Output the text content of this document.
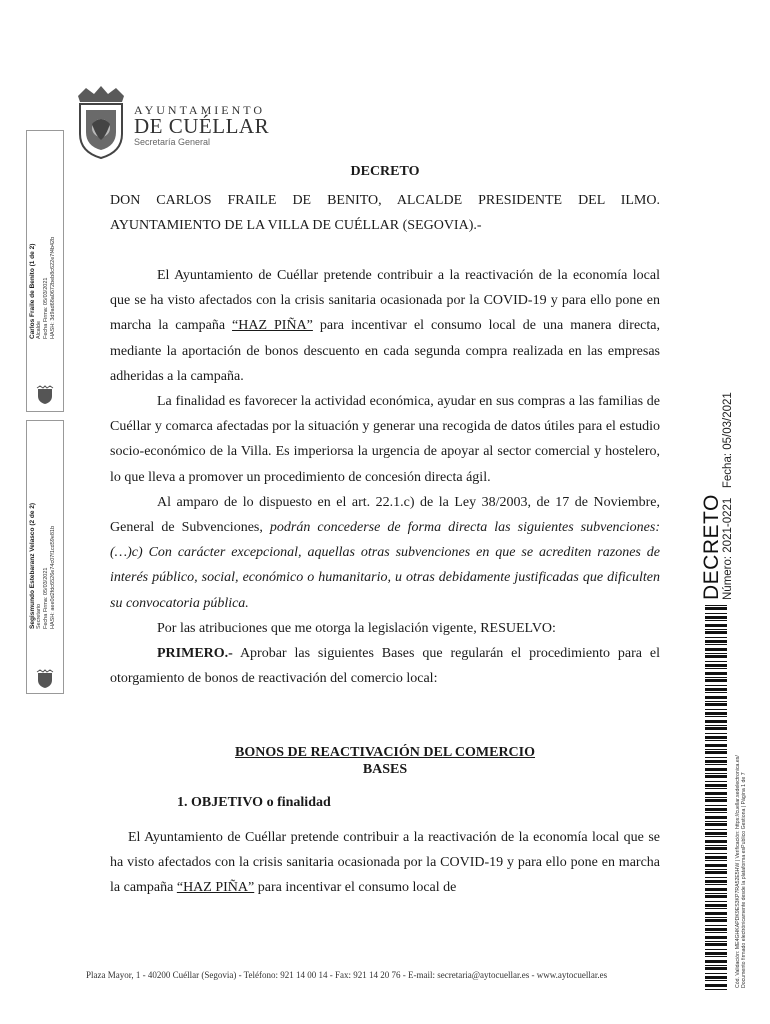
AYUNTAMIENTO
DE CUÉLLAR
Secretaría General
Carlos Fraile de Benito (1 de 2) Alcalde Fecha Firma: 05/03/2021 HASH: 3d9ad68a0672beb8c622e7f4b42b
Segismundo Estebaranz Velasco (2 de 2) Secretario Fecha Firma: 05/03/2021 HASH: aee0d2fdc6526e74c07f1cd59e81b
DECRETO

DON CARLOS FRAILE DE BENITO, ALCALDE PRESIDENTE DEL ILMO. AYUNTAMIENTO DE LA VILLA DE CUÉLLAR (SEGOVIA).-

El Ayuntamiento de Cuéllar pretende contribuir a la reactivación de la economía local que se ha visto afectados con la crisis sanitaria ocasionada por la COVID-19 y para ello pone en marcha la campaña “HAZ PIÑA” para incentivar el consumo local de una manera directa, mediante la aportación de bonos descuento en cada segunda compra realizada en las empresas adheridas a la campaña.

La finalidad es favorecer la actividad económica, ayudar en sus compras a las familias de Cuéllar y comarca afectadas por la situación y generar una recogida de datos útiles para el estudio socio-económico de la Villa. Es imperiorsa la urgencia de apoyar al sector comercial y hostelero, lo que lleva a promover un procedimiento de concesión directa ágil.

Al amparo de lo dispuesto en el art. 22.1.c) de la Ley 38/2003, de 17 de Noviembre, General de Subvenciones, podrán concederse de forma directa las siguientes subvenciones: (…)c) Con carácter excepcional, aquellas otras subvenciones en que se acrediten razones de interés público, social, económico o humanitario, u otras debidamente justificadas que dificulten su convocatoria pública.

Por las atribuciones que me otorga la legislación vigente, RESUELVO:

PRIMERO.- Aprobar las siguientes Bases que regularán el procedimiento para el otorgamiento de bonos de reactivación del comercio local:

BONOS DE REACTIVACIÓN DEL COMERCIO
BASES
1. OBJETIVO o finalidad

El Ayuntamiento de Cuéllar pretende contribuir a la reactivación de la economía local que se ha visto afectados con la crisis sanitaria ocasionada por la COVID-19 y para ello pone en marcha la campaña “HAZ PIÑA” para incentivar el consumo local de

Plaza Mayor, 1 - 40200 Cuéllar (Segovia) - Teléfono: 921 14 00 14 - Fax: 921 14 20 76 - E-mail: secretaria@aytocuellar.es - www.aytocuellar.es
DECRETO Número: 2021-0221   Fecha: 05/03/2021
Cód. Validación: ME4GHKAPDK9ES3KP7RA52E5HW | Verificación: https://cuellar.sedelectronica.es/ Documento firmado electrónicamente desde la plataforma esPublico Gestiona | Página 1 de 7
